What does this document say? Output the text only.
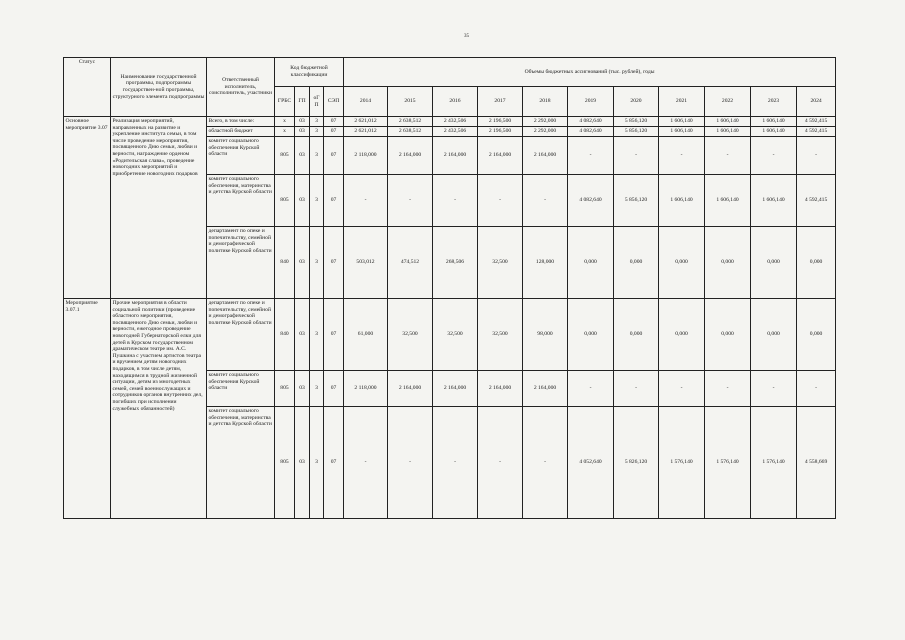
35
Статус	Наименование государственной программы, подпрограммы государствен-ной программы, структурного элемента подпрограммы	Ответственный исполнитель, соисполнитель, участники	Код бюджетной классификации				Объемы бюджетных ассигнований (тыс. рублей), годы										
			ГРБС	ГП	оГП	СЭП	2014	2015	2016	2017	2018	2019	2020	2021	2022	2023	2024
Основное мероприятие 3.07	Реализация мероприятий, направленных на развитие и укрепление института семьи, в том числе проведение мероприятия, посвященного Дню семьи, любви и верности, награждение орденом «Родительская слава», проведение новогодних мероприятий и приобретение новогодних подарков	Всего, в том числе:	х	03	3	07	2 621,012	2 638,512	2 432,506	2 196,500	2 292,000	4 082,640	5 856,120	1 606,140	1 606,140	1 606,140	4 592,415
		областной бюджет	х	03	3	07	2 621,012	2 638,512	2 432,506	2 196,500	2 292,000	4 082,640	5 856,120	1 606,140	1 606,140	1 606,140	4 592,415
		комитет социального обеспечения Курской области	805	03	3	07	2 118,000	2 164,000	2 164,000	2 164,000	2 164,000	-	-	-	-	-	-
		комитет социального обеспечения, материнства и детства Курской области	805	03	3	07	-	-	-	-	-	4 082,640	5 856,120	1 606,140	1 606,140	1 606,140	4 592,415
		департамент по опеке и попечительству, семейной и демографической политике Курской области	840	03	3	07	503,012	474,512	268,506	32,500	128,000	0,000	0,000	0,000	0,000	0,000	0,000
Мероприятие 3.07.1	Прочие мероприятия в области социальной политики (проведение областного мероприятия, посвященного Дню семьи, любви и верности, ежегодное проведение новогодней Губернаторской елки для детей в Курском государственном драматическом театре им. А.С. Пушкина с участием артистов театра и вручением детям новогодних подарков, в том числе детям, находящимся в трудной жизненной ситуации, детям из многодетных семей, семей военнослужащих и сотрудников органов внутренних дел, погибших при исполнении служебных обязанностей)	департамент по опеке и попечительству, семейной и демографической политике Курской области	840	03	3	07	61,000	32,500	32,500	32,500	98,000	0,000	0,000	0,000	0,000	0,000	0,000
		комитет социального обеспечения Курской области	805	03	3	07	2 118,000	2 164,000	2 164,000	2 164,000	2 164,000	-	-	-	-	-	-
		комитет социального обеспечения, материнства и детства Курской области	805	03	3	07	-	-	-	-	-	4 052,640	5 826,120	1 576,140	1 576,140	1 576,140	4 558,669
